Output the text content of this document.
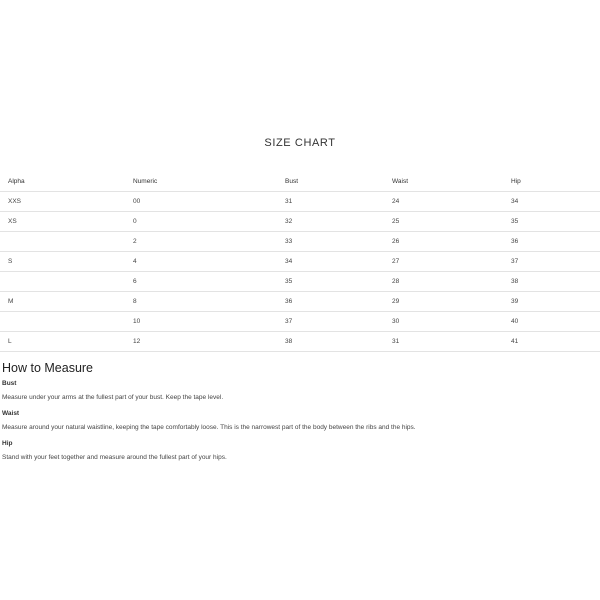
SIZE CHART
Alpha	Numeric	Bust	Waist	Hip
XXS	00	31	24	34
XS	0	32	25	35
	2	33	26	36
S	4	34	27	37
	6	35	28	38
M	8	36	29	39
	10	37	30	40
L	12	38	31	41
How to Measure

Bust

Measure under your arms at the fullest part of your bust. Keep the tape level.

Waist

Measure around your natural waistline, keeping the tape comfortably loose. This is the narrowest part of the body between the ribs and the hips.

Hip

Stand with your feet together and measure around the fullest part of your hips.
